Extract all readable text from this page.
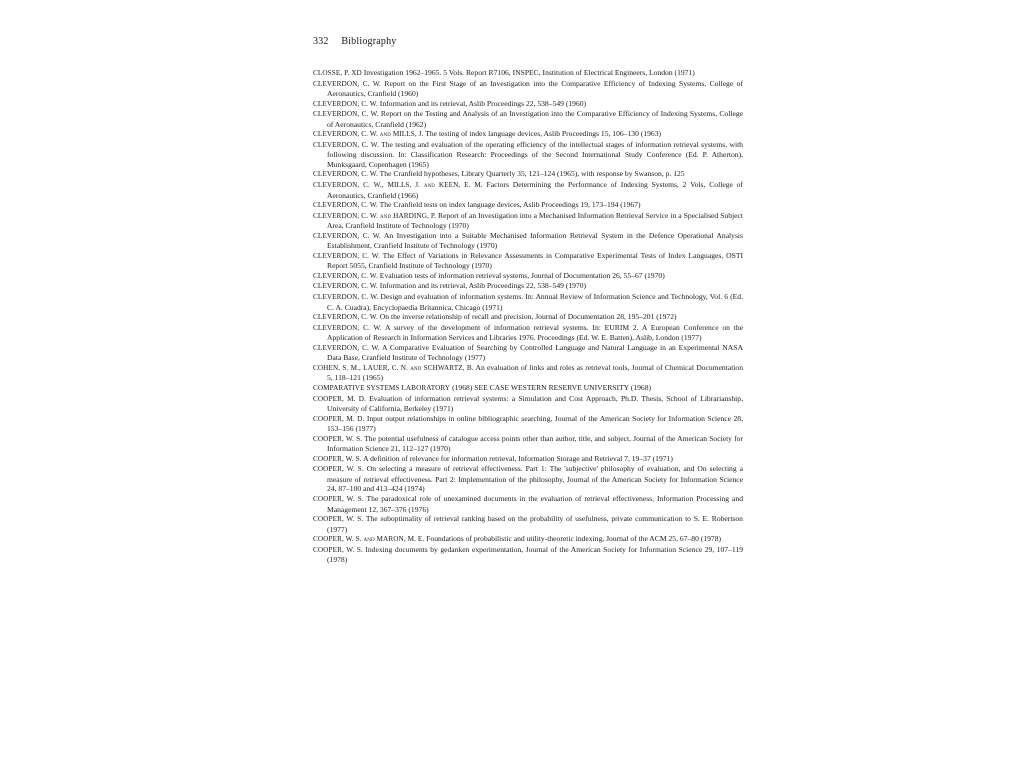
332 Bibliography
CLOSSE, P. XD Investigation 1962–1965. 5 Vols. Report R7106, INSPEC, Institution of Electrical Engineers, London (1971)
CLEVERDON, C. W. Report on the First Stage of an Investigation into the Comparative Efficiency of Indexing Systems, College of Aeronautics, Cranfield (1960)
CLEVERDON, C. W. Information and its retrieval, Aslib Proceedings 22, 538–549 (1960)
CLEVERDON, C. W. Report on the Testing and Analysis of an Investigation into the Comparative Efficiency of Indexing Systems, College of Aeronautics, Cranfield (1962)
CLEVERDON, C. W. and MILLS, J. The testing of index language devices, Aslib Proceedings 15, 106–130 (1963)
CLEVERDON, C. W. The testing and evaluation of the operating efficiency of the intellectual stages of information retrieval systems, with following discussion. In: Classification Research: Proceedings of the Second International Study Conference (Ed. P. Atherton), Munksgaard, Copenhagen (1965)
CLEVERDON, C. W. The Cranfield hypotheses, Library Quarterly 35, 121–124 (1965), with response by Swanson, p. 125
CLEVERDON, C. W., MILLS, J. and KEEN, E. M. Factors Determining the Performance of Indexing Systems, 2 Vols, College of Aeronautics, Cranfield (1966)
CLEVERDON, C. W. The Cranfield tests on index language devices, Aslib Proceedings 19, 173–194 (1967)
CLEVERDON, C. W. and HARDING, P. Report of an Investigation into a Mechanised Information Retrieval Service in a Specialised Subject Area, Cranfield Institute of Technology (1970)
CLEVERDON, C. W. An Investigation into a Suitable Mechanised Information Retrieval System in the Defence Operational Analysis Establishment, Cranfield Institute of Technology (1970)
CLEVERDON, C. W. The Effect of Variations in Relevance Assessments in Comparative Experimental Tests of Index Languages, OSTI Report 5055, Cranfield Institute of Technology (1970)
CLEVERDON, C. W. Evaluation tests of information retrieval systems, Journal of Documentation 26, 55–67 (1970)
CLEVERDON, C. W. Information and its retrieval, Aslib Proceedings 22, 538–549 (1970)
CLEVERDON, C. W. Design and evaluation of information systems. In: Annual Review of Information Science and Technology, Vol. 6 (Ed. C. A. Cuadra), Encyclopaedia Britannica, Chicago (1971)
CLEVERDON, C. W. On the inverse relationship of recall and precision, Journal of Documentation 28, 195–201 (1972)
CLEVERDON, C. W. A survey of the development of information retrieval systems. In: EURIM 2. A European Conference on the Application of Research in Information Services and Libraries 1976. Proceedings (Ed. W. E. Batten), Aslib, London (1977)
CLEVERDON, C. W. A Comparative Evaluation of Searching by Controlled Language and Natural Language in an Experimental NASA Data Base, Cranfield Institute of Technology (1977)
COHEN, S. M., LAUER, C. N. and SCHWARTZ, B. An evaluation of links and roles as retrieval tools, Journal of Chemical Documentation 5, 118–121 (1965)
COMPARATIVE SYSTEMS LABORATORY (1968) SEE CASE WESTERN RESERVE UNIVERSITY (1968)
COOPER, M. D. Evaluation of information retrieval systems: a Simulation and Cost Approach, Ph.D. Thesis, School of Librarianship, University of California, Berkeley (1971)
COOPER, M. D. Input output relationships in online bibliographic searching, Journal of the American Society for Information Science 28, 153–156 (1977)
COOPER, W. S. The potential usefulness of catalogue access points other than author, title, and subject, Journal of the American Society for Information Science 21, 112–127 (1970)
COOPER, W. S. A definition of relevance for information retrieval, Information Storage and Retrieval 7, 19–37 (1971)
COOPER, W. S. On selecting a measure of retrieval effectiveness. Part 1: The 'subjective' philosophy of evaluation, and On selecting a measure of retrieval effectiveness. Part 2: Implementation of the philosophy, Journal of the American Society for Information Science 24, 87–100 and 413–424 (1974)
COOPER, W. S. The paradoxical role of unexamined documents in the evaluation of retrieval effectiveness, Information Processing and Management 12, 367–376 (1976)
COOPER, W. S. The suboptimality of retrieval ranking based on the probability of usefulness, private communication to S. E. Robertson (1977)
COOPER, W. S. and MARON, M. E. Foundations of probabilistic and utility-theoretic indexing, Journal of the ACM 25, 67–80 (1978)
COOPER, W. S. Indexing documents by gedanken experimentation, Journal of the American Society for Information Science 29, 107–119 (1978)
